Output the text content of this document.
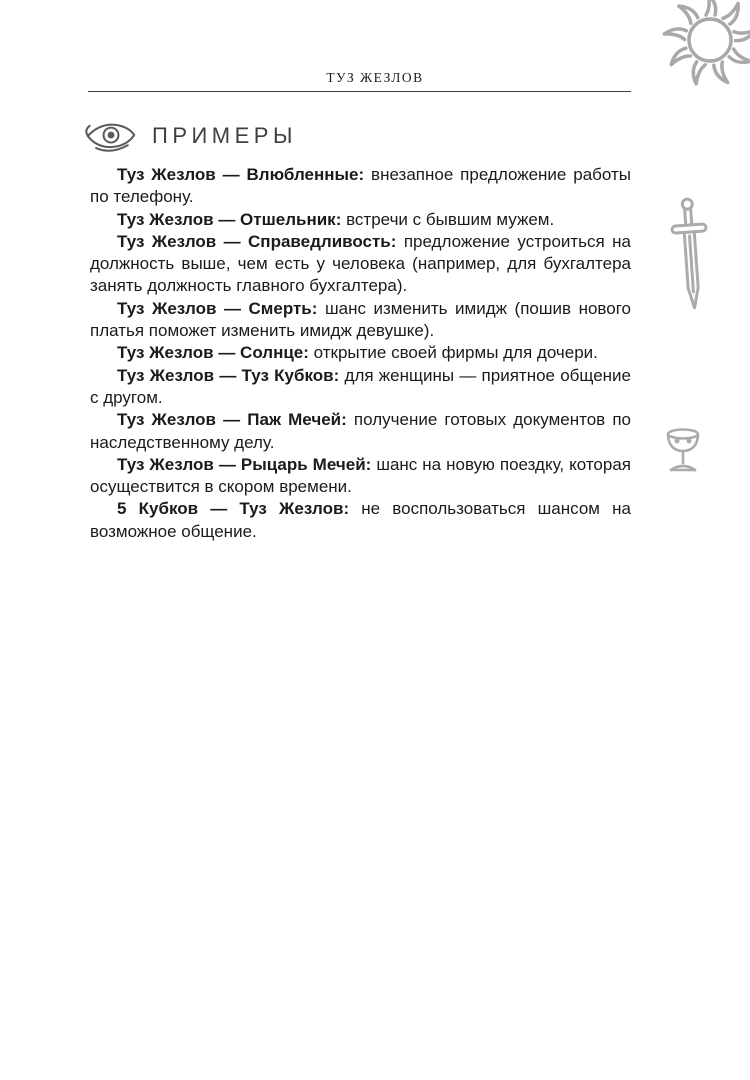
ТУЗ ЖЕЗЛОВ
ПРИМЕРЫ

Туз Жезлов — Влюбленные: внезапное предложение работы по телефону.

Туз Жезлов — Отшельник: встречи с бывшим мужем.

Туз Жезлов — Справедливость: предложение устроиться на должность выше, чем есть у человека (например, для бухгалтера занять должность главного бухгалтера).

Туз Жезлов — Смерть: шанс изменить имидж (пошив нового платья поможет изменить имидж девушке).

Туз Жезлов — Солнце: открытие своей фирмы для дочери.

Туз Жезлов — Туз Кубков: для женщины — приятное общение с другом.

Туз Жезлов — Паж Мечей: получение готовых документов по наследственному делу.

Туз Жезлов — Рыцарь Мечей: шанс на новую поездку, которая осуществится в скором времени.

5 Кубков — Туз Жезлов: не воспользоваться шансом на возможное общение.
